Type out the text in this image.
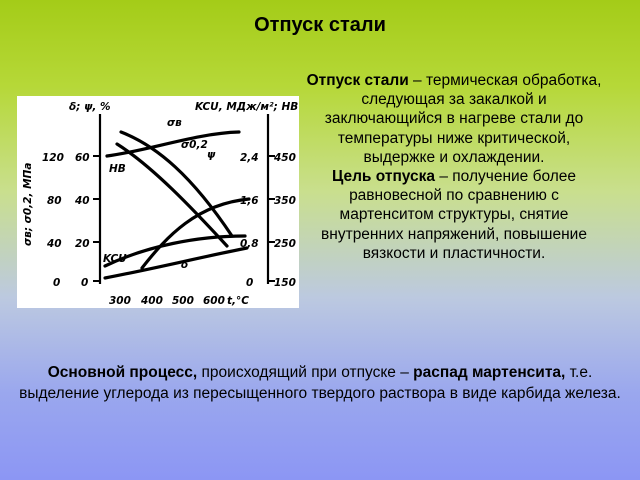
Отпуск стали
δ; ψ, %	KCU, МДж/м²; HB
σв; σ0,2, МПа
120
80
40
0
60
40
20
0
2,4
1,6
0,8
0
450
350
250
150
300 400 500 600 t,°C
σв
σ0,2
ψ
HB
KCU	δ
Отпуск стали – термическая обработка, следующая за закалкой и заключающийся в нагреве стали до температуры ниже критической, выдержке и охлаждении.
Цель отпуска – получение более равновесной по сравнению с мартенситом структуры, снятие внутренних напряжений, повышение вязкости и пластичности.
Основной процесс, происходящий при отпуске – распад мартенсита, т.е. выделение углерода из пересыщенного твердого раствора в виде карбида железа.
